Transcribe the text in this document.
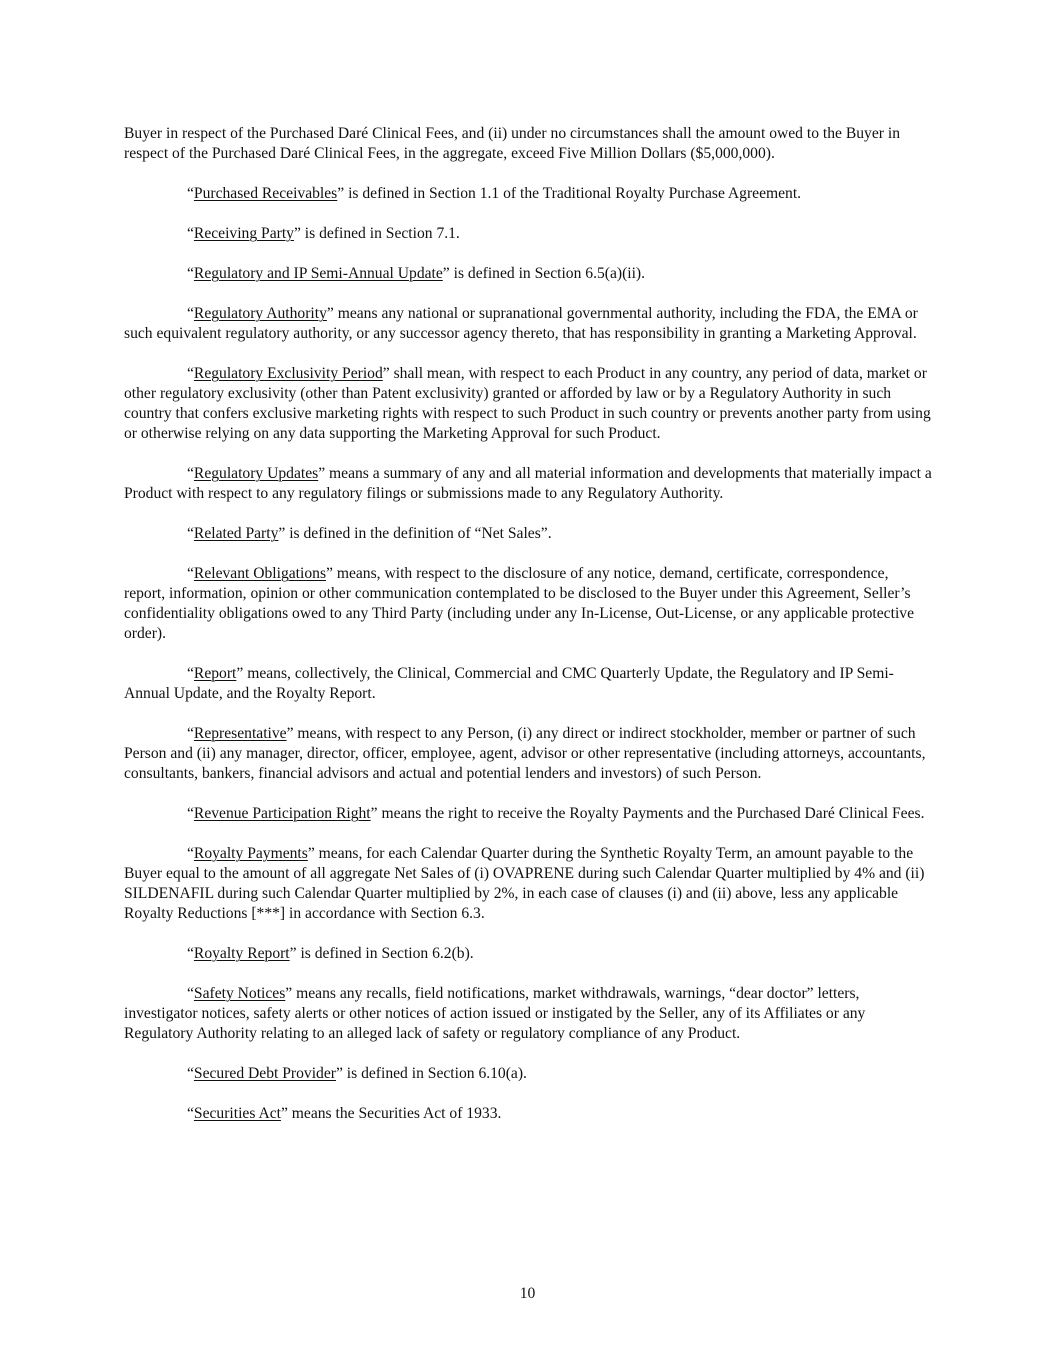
Buyer in respect of the Purchased Daré Clinical Fees, and (ii) under no circumstances shall the amount owed to the Buyer in respect of the Purchased Daré Clinical Fees, in the aggregate, exceed Five Million Dollars ($5,000,000).

“Purchased Receivables” is defined in Section 1.1 of the Traditional Royalty Purchase Agreement.

“Receiving Party” is defined in Section 7.1.

“Regulatory and IP Semi-Annual Update” is defined in Section 6.5(a)(ii).

“Regulatory Authority” means any national or supranational governmental authority, including the FDA, the EMA or such equivalent regulatory authority, or any successor agency thereto, that has responsibility in granting a Marketing Approval.

“Regulatory Exclusivity Period” shall mean, with respect to each Product in any country, any period of data, market or other regulatory exclusivity (other than Patent exclusivity) granted or afforded by law or by a Regulatory Authority in such country that confers exclusive marketing rights with respect to such Product in such country or prevents another party from using or otherwise relying on any data supporting the Marketing Approval for such Product.

“Regulatory Updates” means a summary of any and all material information and developments that materially impact a Product with respect to any regulatory filings or submissions made to any Regulatory Authority.

“Related Party” is defined in the definition of “Net Sales”.

“Relevant Obligations” means, with respect to the disclosure of any notice, demand, certificate, correspondence, report, information, opinion or other communication contemplated to be disclosed to the Buyer under this Agreement, Seller’s confidentiality obligations owed to any Third Party (including under any In-License, Out-License, or any applicable protective order).

“Report” means, collectively, the Clinical, Commercial and CMC Quarterly Update, the Regulatory and IP Semi-Annual Update, and the Royalty Report.

“Representative” means, with respect to any Person, (i) any direct or indirect stockholder, member or partner of such Person and (ii) any manager, director, officer, employee, agent, advisor or other representative (including attorneys, accountants, consultants, bankers, financial advisors and actual and potential lenders and investors) of such Person.

“Revenue Participation Right” means the right to receive the Royalty Payments and the Purchased Daré Clinical Fees.

“Royalty Payments” means, for each Calendar Quarter during the Synthetic Royalty Term, an amount payable to the Buyer equal to the amount of all aggregate Net Sales of (i) OVAPRENE during such Calendar Quarter multiplied by 4% and (ii) SILDENAFIL during such Calendar Quarter multiplied by 2%, in each case of clauses (i) and (ii) above, less any applicable Royalty Reductions [***] in accordance with Section 6.3.

“Royalty Report” is defined in Section 6.2(b).

“Safety Notices” means any recalls, field notifications, market withdrawals, warnings, “dear doctor” letters, investigator notices, safety alerts or other notices of action issued or instigated by the Seller, any of its Affiliates or any Regulatory Authority relating to an alleged lack of safety or regulatory compliance of any Product.

“Secured Debt Provider” is defined in Section 6.10(a).

“Securities Act” means the Securities Act of 1933.

10
